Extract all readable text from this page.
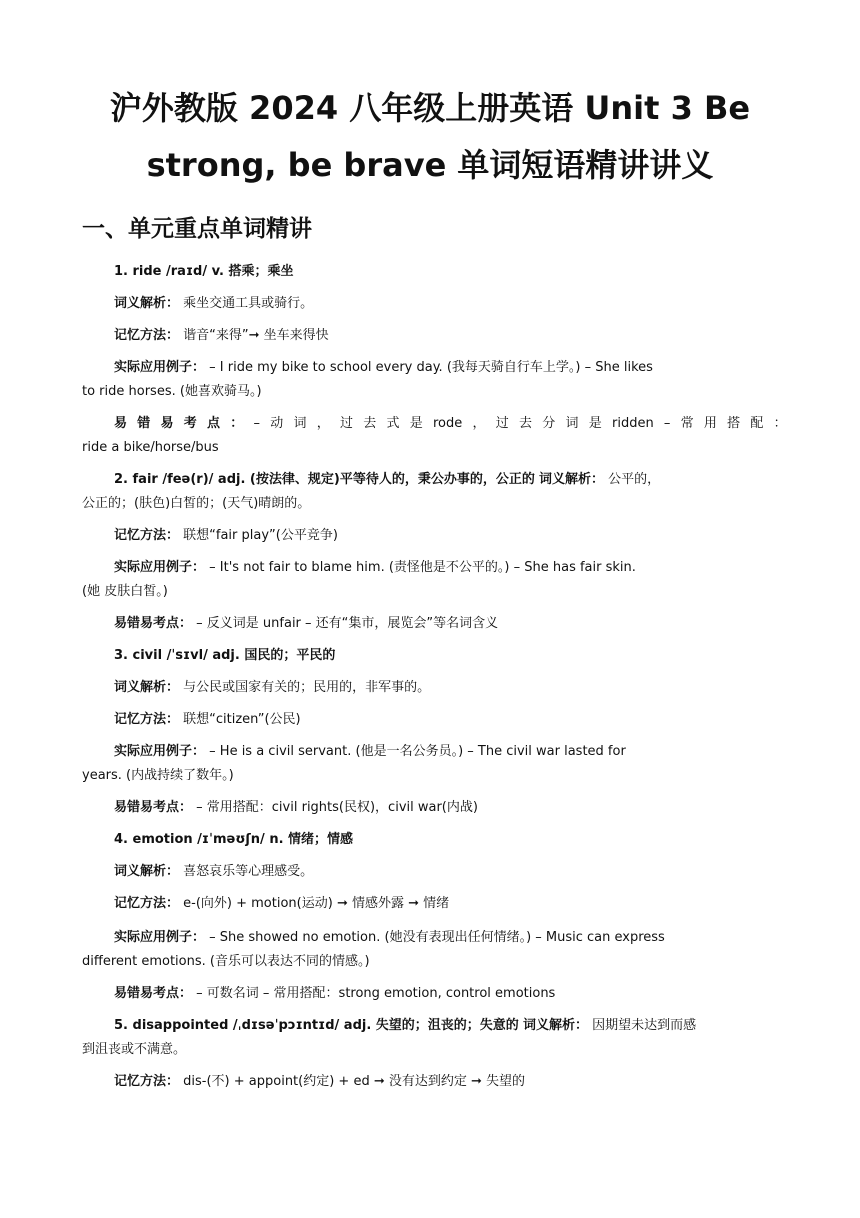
沪外教版 2024 八年级上册英语 Unit 3 Be
strong, be brave 单词短语精讲讲义
一、单元重点单词精讲
1. ride /raɪd/ v. 搭乘；乘坐
词义解析： 乘坐交通工具或骑行。
记忆方法： 谐音“来得”➞ 坐车来得快
实际应用例子： – I ride my bike to school every day. (我每天骑自行车上学。) – She likes
to ride horses. (她喜欢骑马。)
易 错 易 考 点 ： – 动 词 ， 过 去 式 是 rode ， 过 去 分 词 是 ridden – 常 用 搭 配 ：
ride a bike/horse/bus
2. fair /feə(r)/ adj. (按法律、规定)平等待人的，秉公办事的，公正的 词义解析： 公平的，
公正的；(肤色)白皙的；(天气)晴朗的。
记忆方法： 联想“fair play”(公平竞争)
实际应用例子： – It's not fair to blame him. (责怪他是不公平的。) – She has fair skin.
(她 皮肤白皙。)
易错易考点： – 反义词是 unfair – 还有“集市，展览会”等名词含义
3. civil /ˈsɪvl/ adj. 国民的；平民的
词义解析： 与公民或国家有关的；民用的，非军事的。
记忆方法： 联想“citizen”(公民)
实际应用例子： – He is a civil servant. (他是一名公务员。) – The civil war lasted for
years. (内战持续了数年。)
易错易考点： – 常用搭配：civil rights(民权)，civil war(内战)
4. emotion /ɪˈməʊʃn/ n. 情绪；情感
词义解析： 喜怒哀乐等心理感受。
记忆方法： e-(向外) + motion(运动) ➞ 情感外露 ➞ 情绪
实际应用例子： – She showed no emotion. (她没有表现出任何情绪。) – Music can express
different emotions. (音乐可以表达不同的情感。)
易错易考点： – 可数名词 – 常用搭配：strong emotion, control emotions
5. disappointed /ˌdɪsəˈpɔɪntɪd/ adj. 失望的；沮丧的；失意的 词义解析： 因期望未达到而感
到沮丧或不满意。
记忆方法： dis-(不) + appoint(约定) + ed ➞ 没有达到约定 ➞ 失望的
